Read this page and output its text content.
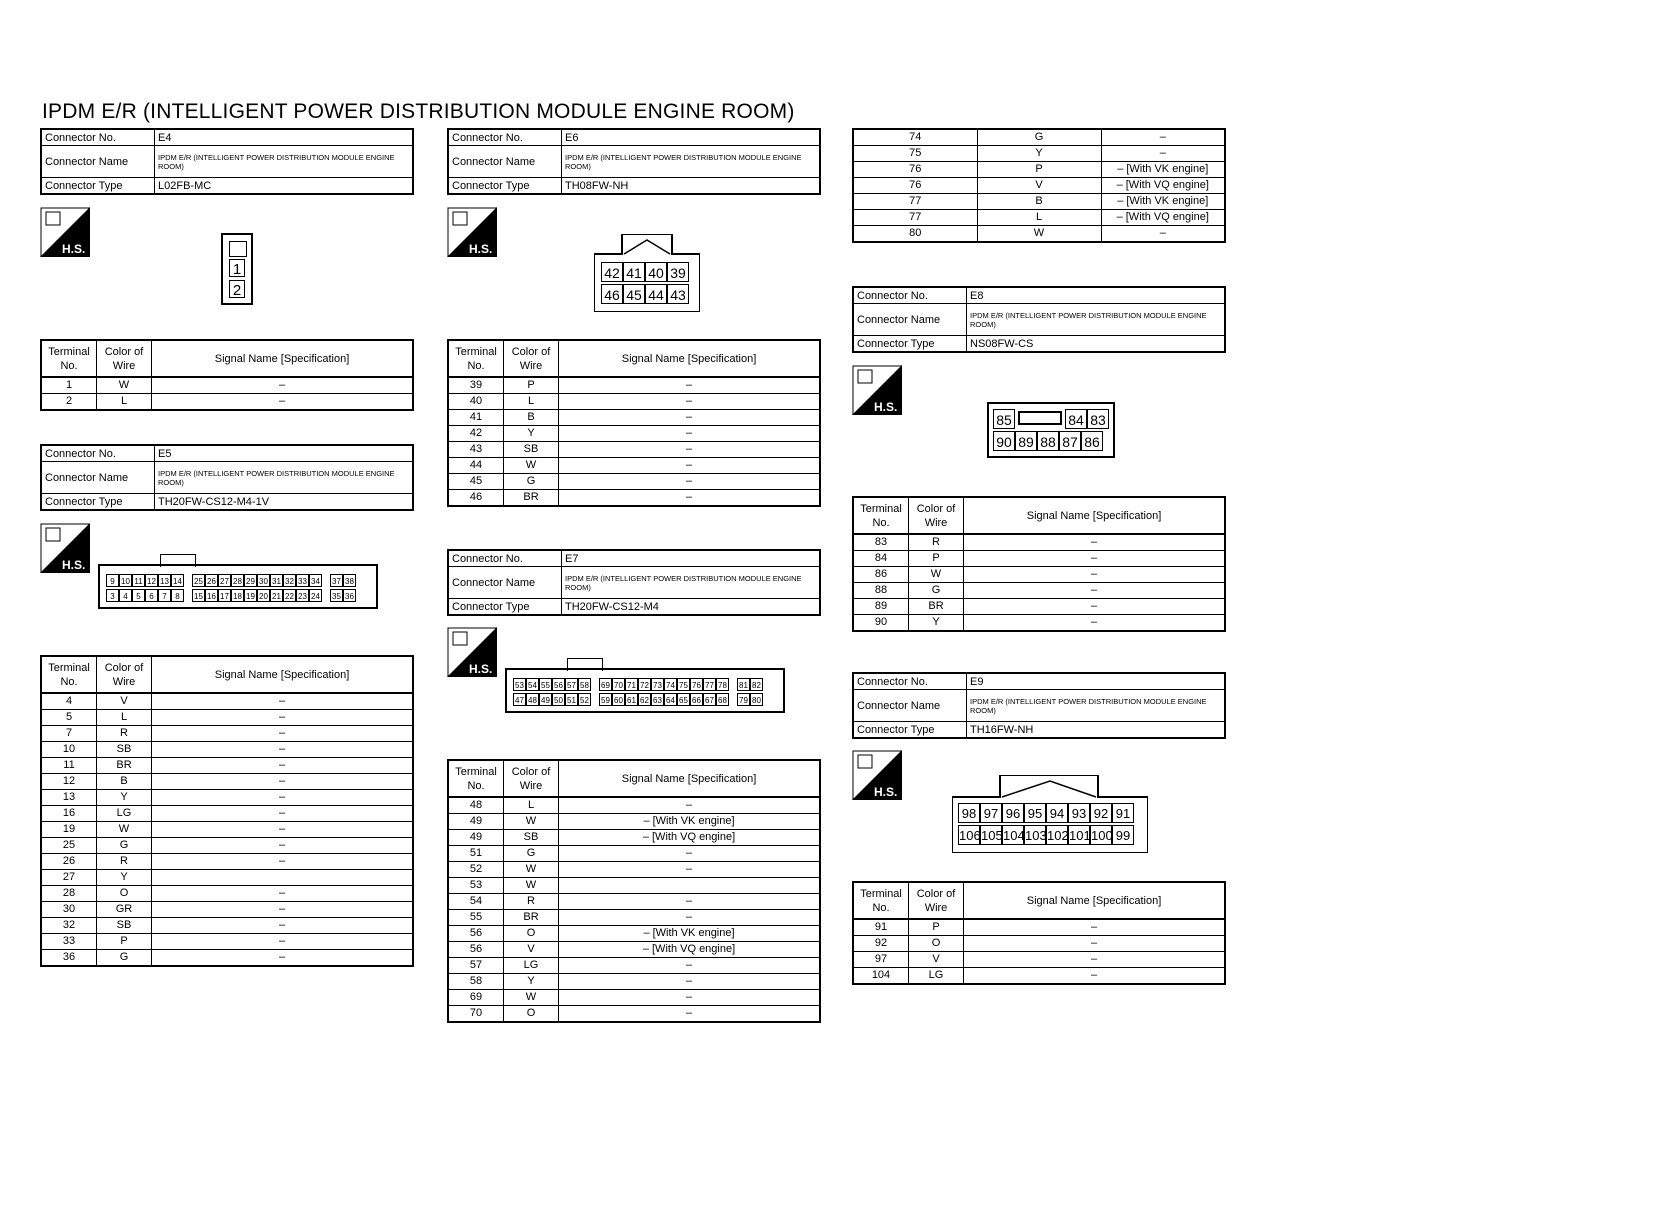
IPDM E/R (INTELLIGENT POWER DISTRIBUTION MODULE ENGINE ROOM)
Connector No.	E4
Connector Name	IPDM E/R (INTELLIGENT POWER DISTRIBUTION MODULE ENGINE ROOM)
Connector Type	L02FB-MC
H.S.
1
2
Terminal No.	Color of Wire	Signal Name [Specification]
1	W	–
2	L	–
Connector No.	E5
Connector Name	IPDM E/R (INTELLIGENT POWER DISTRIBUTION MODULE ENGINE ROOM)
Connector Type	TH20FW-CS12-M4-1V
H.S.
9 10 11 12 13 14 25 26 27 28 29 30 31 32 33 34 37 38
3 4 5 6 7 8 15 16 17 18 19 20 21 22 23 24 35 36
Terminal No.	Color of Wire	Signal Name [Specification]
4	V	–
5	L	–
7	R	–
10	SB	–
11	BR	–
12	B	–
13	Y	–
16	LG	–
19	W	–
25	G	–
26	R	–
27	Y	
28	O	–
30	GR	–
32	SB	–
33	P	–
36	G	–
Connector No.	E6
Connector Name	IPDM E/R (INTELLIGENT POWER DISTRIBUTION MODULE ENGINE ROOM)
Connector Type	TH08FW-NH
H.S.
42 41 40 39
46 45 44 43
Terminal No.	Color of Wire	Signal Name [Specification]
39	P	–
40	L	–
41	B	–
42	Y	–
43	SB	–
44	W	–
45	G	–
46	BR	–
Connector No.	E7
Connector Name	IPDM E/R (INTELLIGENT POWER DISTRIBUTION MODULE ENGINE ROOM)
Connector Type	TH20FW-CS12-M4
H.S.
53 54 55 56 57 58 69 70 71 72 73 74 75 76 77 78 81 82
47 48 49 50 51 52 59 60 61 62 63 64 65 66 67 68 79 80
Terminal No.	Color of Wire	Signal Name [Specification]
48	L	–
49	W	– [With VK engine]
49	SB	– [With VQ engine]
51	G	–
52	W	–
53	W	
54	R	–
55	BR	–
56	O	– [With VK engine]
56	V	– [With VQ engine]
57	LG	–
58	Y	–
69	W	–
70	O	–
74	G	–
75	Y	–
76	P	– [With VK engine]
76	V	– [With VQ engine]
77	B	– [With VK engine]
77	L	– [With VQ engine]
80	W	–
Connector No.	E8
Connector Name	IPDM E/R (INTELLIGENT POWER DISTRIBUTION MODULE ENGINE ROOM)
Connector Type	NS08FW-CS
H.S.
85	84 83
90 89 88 87 86
Terminal No.	Color of Wire	Signal Name [Specification]
83	R	–
84	P	–
86	W	–
88	G	–
89	BR	–
90	Y	–
Connector No.	E9
Connector Name	IPDM E/R (INTELLIGENT POWER DISTRIBUTION MODULE ENGINE ROOM)
Connector Type	TH16FW-NH
H.S.
98 97 96 95 94 93 92 91
106105104103102101100 99
Terminal No.	Color of Wire	Signal Name [Specification]
91	P	–
92	O	–
97	V	–
104	LG	–
